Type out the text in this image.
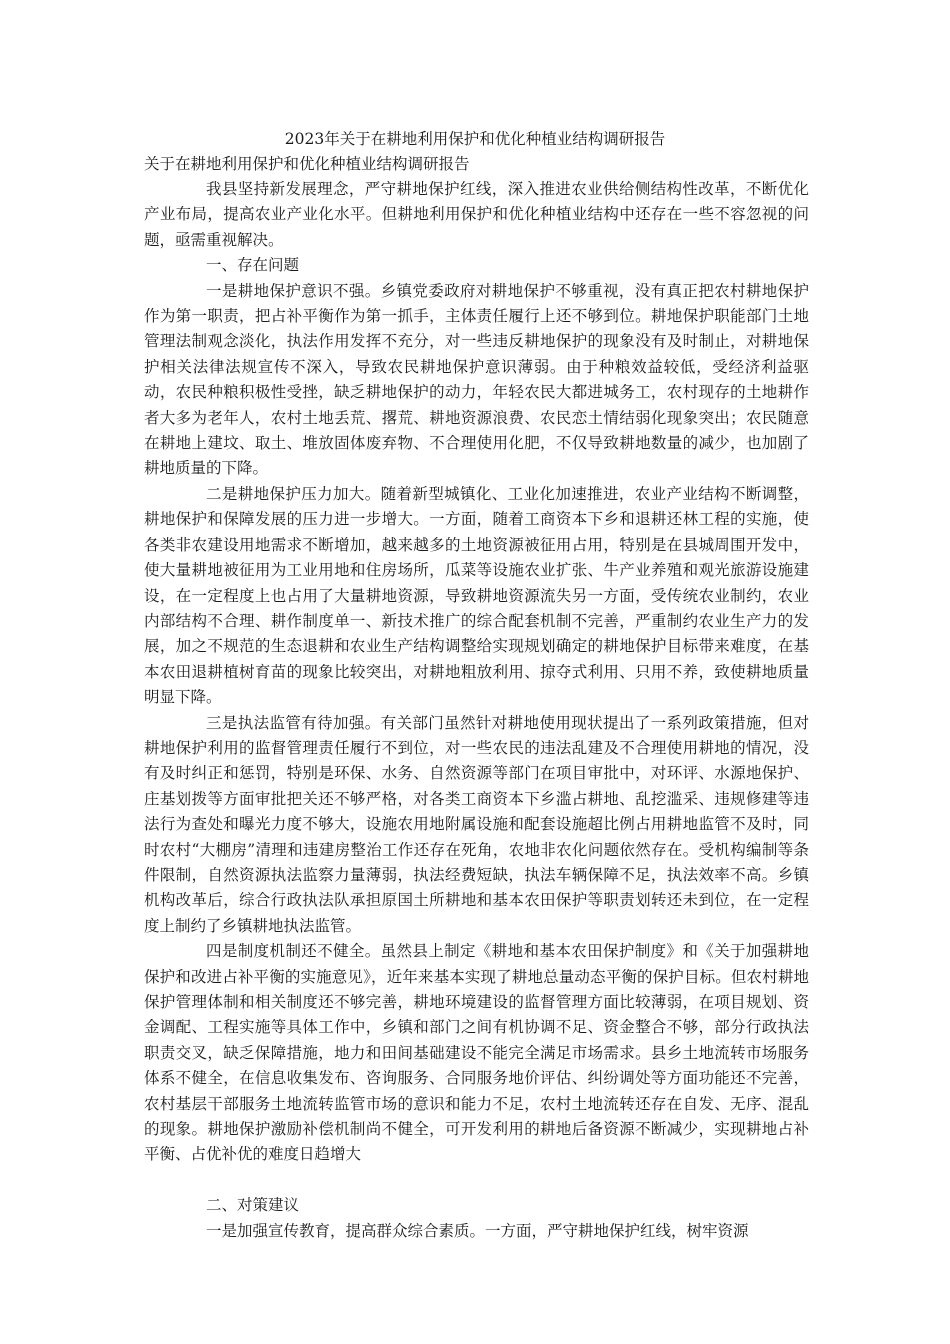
2023年关于在耕地利用保护和优化种植业结构调研报告
关于在耕地利用保护和优化种植业结构调研报告

我县坚持新发展理念，严守耕地保护红线，深入推进农业供给侧结构性改革，不断优化产业布局，提高农业产业化水平。但耕地利用保护和优化种植业结构中还存在一些不容忽视的问题，亟需重视解决。

一、存在问题

一是耕地保护意识不强。乡镇党委政府对耕地保护不够重视，没有真正把农村耕地保护作为第一职责，把占补平衡作为第一抓手，主体责任履行上还不够到位。耕地保护职能部门土地管理法制观念淡化，执法作用发挥不充分，对一些违反耕地保护的现象没有及时制止，对耕地保护相关法律法规宣传不深入，导致农民耕地保护意识薄弱。由于种粮效益较低，受经济利益驱动，农民种粮积极性受挫，缺乏耕地保护的动力，年轻农民大都进城务工，农村现存的土地耕作者大多为老年人，农村土地丢荒、撂荒、耕地资源浪费、农民恋土情结弱化现象突出；农民随意在耕地上建坟、取土、堆放固体废弃物、不合理使用化肥，不仅导致耕地数量的减少，也加剧了耕地质量的下降。

二是耕地保护压力加大。随着新型城镇化、工业化加速推进，农业产业结构不断调整，耕地保护和保障发展的压力进一步增大。一方面，随着工商资本下乡和退耕还林工程的实施，使各类非农建设用地需求不断增加，越来越多的土地资源被征用占用，特别是在县城周围开发中，使大量耕地被征用为工业用地和住房场所，瓜菜等设施农业扩张、牛产业养殖和观光旅游设施建设，在一定程度上也占用了大量耕地资源，导致耕地资源流失另一方面，受传统农业制约，农业内部结构不合理、耕作制度单一、新技术推广的综合配套机制不完善，严重制约农业生产力的发展，加之不规范的生态退耕和农业生产结构调整给实现规划确定的耕地保护目标带来难度，在基本农田退耕植树育苗的现象比较突出，对耕地粗放利用、掠夺式利用、只用不养，致使耕地质量明显下降。

三是执法监管有待加强。有关部门虽然针对耕地使用现状提出了一系列政策措施，但对耕地保护利用的监督管理责任履行不到位，对一些农民的违法乱建及不合理使用耕地的情况，没有及时纠正和惩罚，特别是环保、水务、自然资源等部门在项目审批中，对环评、水源地保护、庄基划拨等方面审批把关还不够严格，对各类工商资本下乡滥占耕地、乱挖滥采、违规修建等违法行为查处和曝光力度不够大，设施农用地附属设施和配套设施超比例占用耕地监管不及时，同时农村“大棚房”清理和违建房整治工作还存在死角，农地非农化问题依然存在。受机构编制等条件限制，自然资源执法监察力量薄弱，执法经费短缺，执法车辆保障不足，执法效率不高。乡镇机构改革后，综合行政执法队承担原国土所耕地和基本农田保护等职责划转还未到位，在一定程度上制约了乡镇耕地执法监管。

四是制度机制还不健全。虽然县上制定《耕地和基本农田保护制度》和《关于加强耕地保护和改进占补平衡的实施意见》，近年来基本实现了耕地总量动态平衡的保护目标。但农村耕地保护管理体制和相关制度还不够完善，耕地环境建设的监督管理方面比较薄弱，在项目规划、资金调配、工程实施等具体工作中，乡镇和部门之间有机协调不足、资金整合不够，部分行政执法职责交叉，缺乏保障措施，地力和田间基础建设不能完全满足市场需求。县乡土地流转市场服务体系不健全，在信息收集发布、咨询服务、合同服务地价评估、纠纷调处等方面功能还不完善，农村基层干部服务土地流转监管市场的意识和能力不足，农村土地流转还存在自发、无序、混乱的现象。耕地保护激励补偿机制尚不健全，可开发利用的耕地后备资源不断减少，实现耕地占补平衡、占优补优的难度日趋增大

二、对策建议

一是加强宣传教育，提高群众综合素质。一方面，严守耕地保护红线，树牢资源
